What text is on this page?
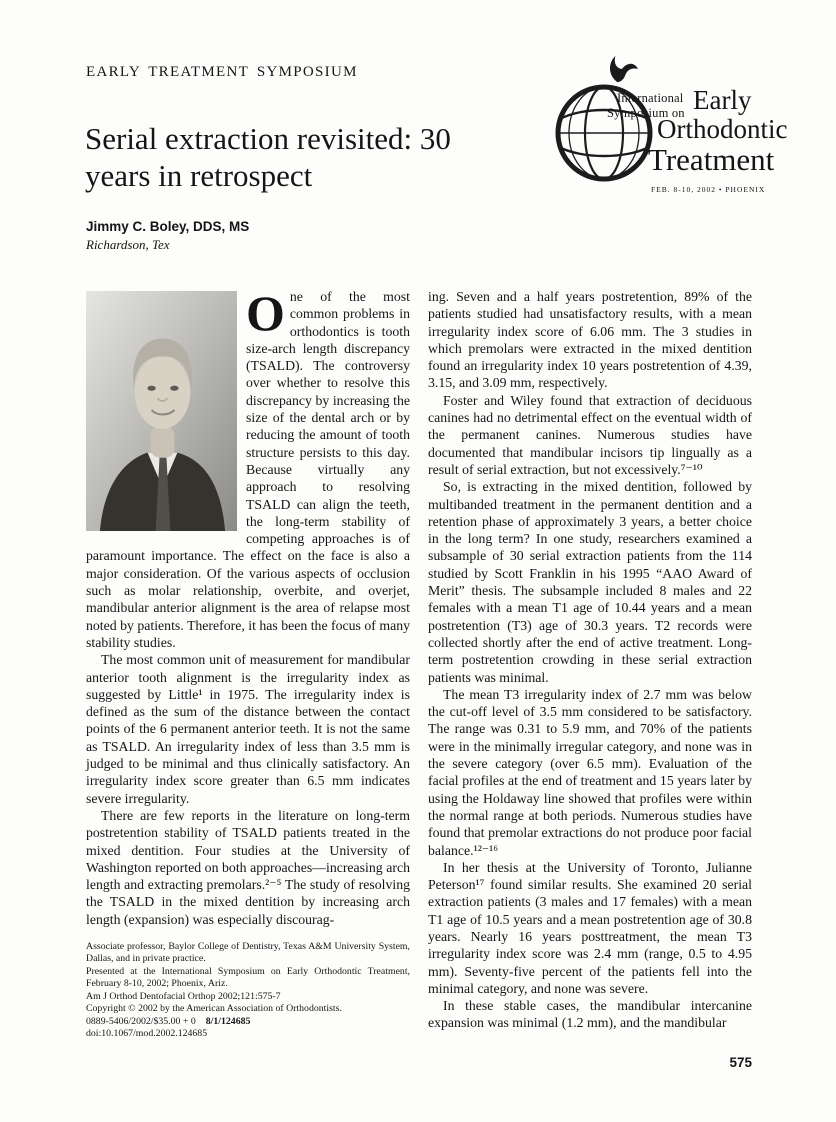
EARLY TREATMENT SYMPOSIUM
International
Symposium on Early
Orthodontic
Treatment
FEB. 8-10, 2002 • PHOENIX
Serial extraction revisited: 30
years in retrospect
Jimmy C. Boley, DDS, MS
Richardson, Tex

One of the most common problems in orthodontics is tooth size-arch length discrepancy (TSALD). The controversy over whether to resolve this discrepancy by increasing the size of the dental arch or by reducing the amount of tooth structure persists to this day. Because virtually any approach to resolving TSALD can align the teeth, the long-term stability of competing approaches is of paramount importance. The effect on the face is also a major consideration. Of the various aspects of occlusion such as molar relationship, overbite, and overjet, mandibular anterior alignment is the area of relapse most noted by patients. Therefore, it has been the focus of many stability studies.

The most common unit of measurement for mandibular anterior tooth alignment is the irregularity index as suggested by Little¹ in 1975. The irregularity index is defined as the sum of the distance between the contact points of the 6 permanent anterior teeth. It is not the same as TSALD. An irregularity index of less than 3.5 mm is judged to be minimal and thus clinically satisfactory. An irregularity index score greater than 6.5 mm indicates severe irregularity.

There are few reports in the literature on long-term postretention stability of TSALD patients treated in the mixed dentition. Four studies at the University of Washington reported on both approaches—increasing arch length and extracting premolars.²⁻⁵ The study of resolving the TSALD in the mixed dentition by increasing arch length (expansion) was especially discourag-

Associate professor, Baylor College of Dentistry, Texas A&M University System, Dallas, and in private practice.

Presented at the International Symposium on Early Orthodontic Treatment, February 8-10, 2002; Phoenix, Ariz.

Am J Orthod Dentofacial Orthop 2002;121:575-7

Copyright © 2002 by the American Association of Orthodontists.

0889-5406/2002/$35.00 + 0 8/1/124685

doi:10.1067/mod.2002.124685

ing. Seven and a half years postretention, 89% of the patients studied had unsatisfactory results, with a mean irregularity index score of 6.06 mm. The 3 studies in which premolars were extracted in the mixed dentition found an irregularity index 10 years postretention of 4.39, 3.15, and 3.09 mm, respectively.

Foster and Wiley found that extraction of deciduous canines had no detrimental effect on the eventual width of the permanent canines. Numerous studies have documented that mandibular incisors tip lingually as a result of serial extraction, but not excessively.⁷⁻¹⁰

So, is extracting in the mixed dentition, followed by multibanded treatment in the permanent dentition and a retention phase of approximately 3 years, a better choice in the long term? In one study, researchers examined a subsample of 30 serial extraction patients from the 114 studied by Scott Franklin in his 1995 “AAO Award of Merit” thesis. The subsample included 8 males and 22 females with a mean T1 age of 10.44 years and a mean postretention (T3) age of 30.3 years. T2 records were collected shortly after the end of active treatment. Long-term postretention crowding in these serial extraction patients was minimal.

The mean T3 irregularity index of 2.7 mm was below the cut-off level of 3.5 mm considered to be satisfactory. The range was 0.31 to 5.9 mm, and 70% of the patients were in the minimally irregular category, and none was in the severe category (over 6.5 mm). Evaluation of the facial profiles at the end of treatment and 15 years later by using the Holdaway line showed that profiles were within the normal range at both periods. Numerous studies have found that premolar extractions do not produce poor facial balance.¹²⁻¹⁶

In her thesis at the University of Toronto, Julianne Peterson¹⁷ found similar results. She examined 20 serial extraction patients (3 males and 17 females) with a mean T1 age of 10.5 years and a mean postretention age of 30.8 years. Nearly 16 years posttreatment, the mean T3 irregularity index score was 2.4 mm (range, 0.5 to 4.95 mm). Seventy-five percent of the patients fell into the minimal category, and none was severe.

In these stable cases, the mandibular intercanine expansion was minimal (1.2 mm), and the mandibular

575
